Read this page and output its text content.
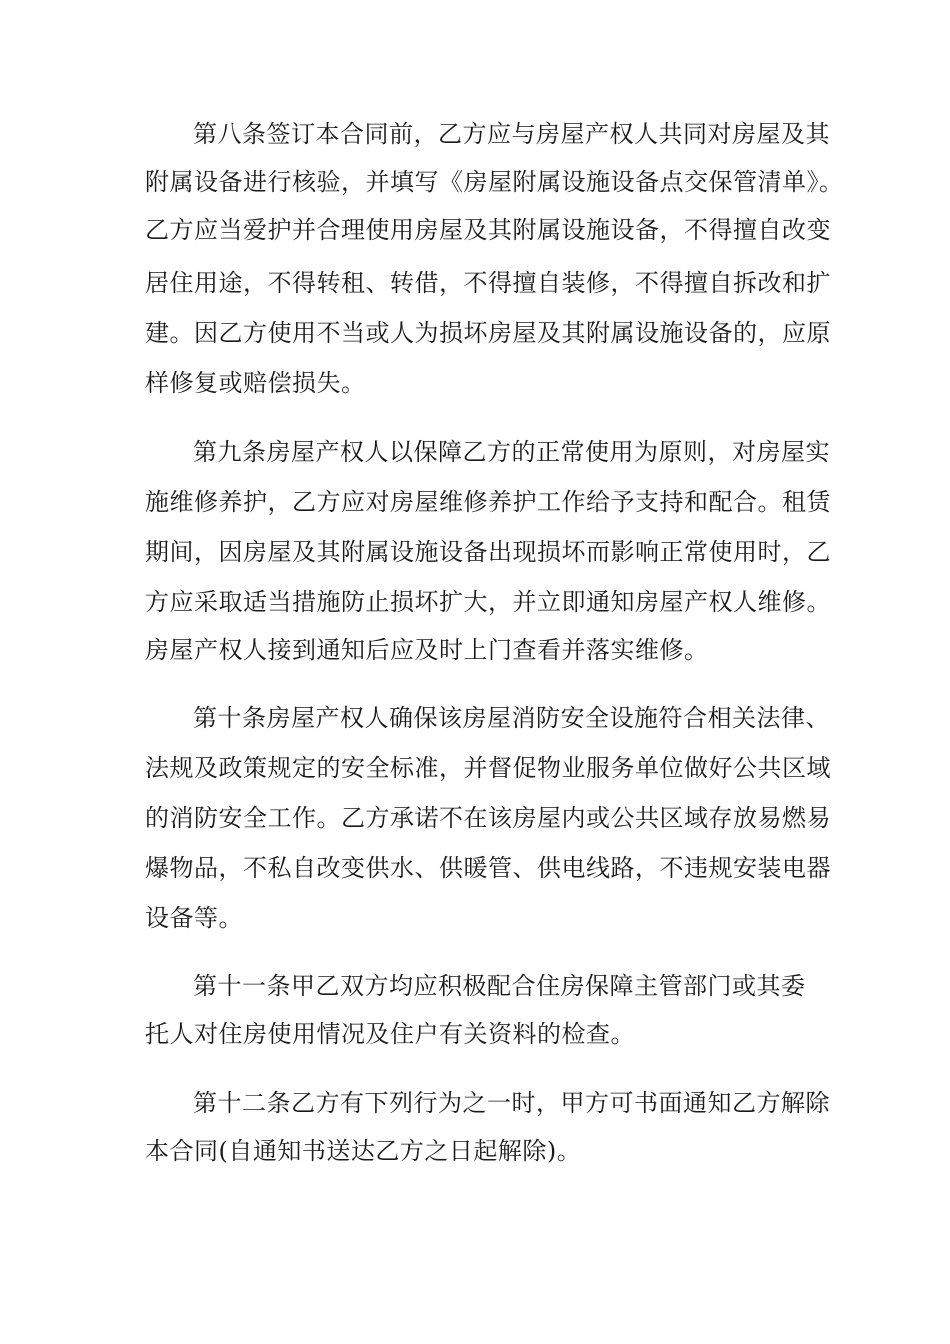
第八条签订本合同前，乙方应与房屋产权人共同对房屋及其
附属设备进行核验，并填写《房屋附属设施设备点交保管清单》。
乙方应当爱护并合理使用房屋及其附属设施设备，不得擅自改变
居住用途，不得转租、转借，不得擅自装修，不得擅自拆改和扩
建。因乙方使用不当或人为损坏房屋及其附属设施设备的，应原
样修复或赔偿损失。
第九条房屋产权人以保障乙方的正常使用为原则，对房屋实
施维修养护，乙方应对房屋维修养护工作给予支持和配合。租赁
期间，因房屋及其附属设施设备出现损坏而影响正常使用时，乙
方应采取适当措施防止损坏扩大，并立即通知房屋产权人维修。
房屋产权人接到通知后应及时上门查看并落实维修。
第十条房屋产权人确保该房屋消防安全设施符合相关法律、
法规及政策规定的安全标准，并督促物业服务单位做好公共区域
的消防安全工作。乙方承诺不在该房屋内或公共区域存放易燃易
爆物品，不私自改变供水、供暖管、供电线路，不违规安装电器
设备等。
第十一条甲乙双方均应积极配合住房保障主管部门或其委
托人对住房使用情况及住户有关资料的检查。
第十二条乙方有下列行为之一时，甲方可书面通知乙方解除
本合同(自通知书送达乙方之日起解除)。
